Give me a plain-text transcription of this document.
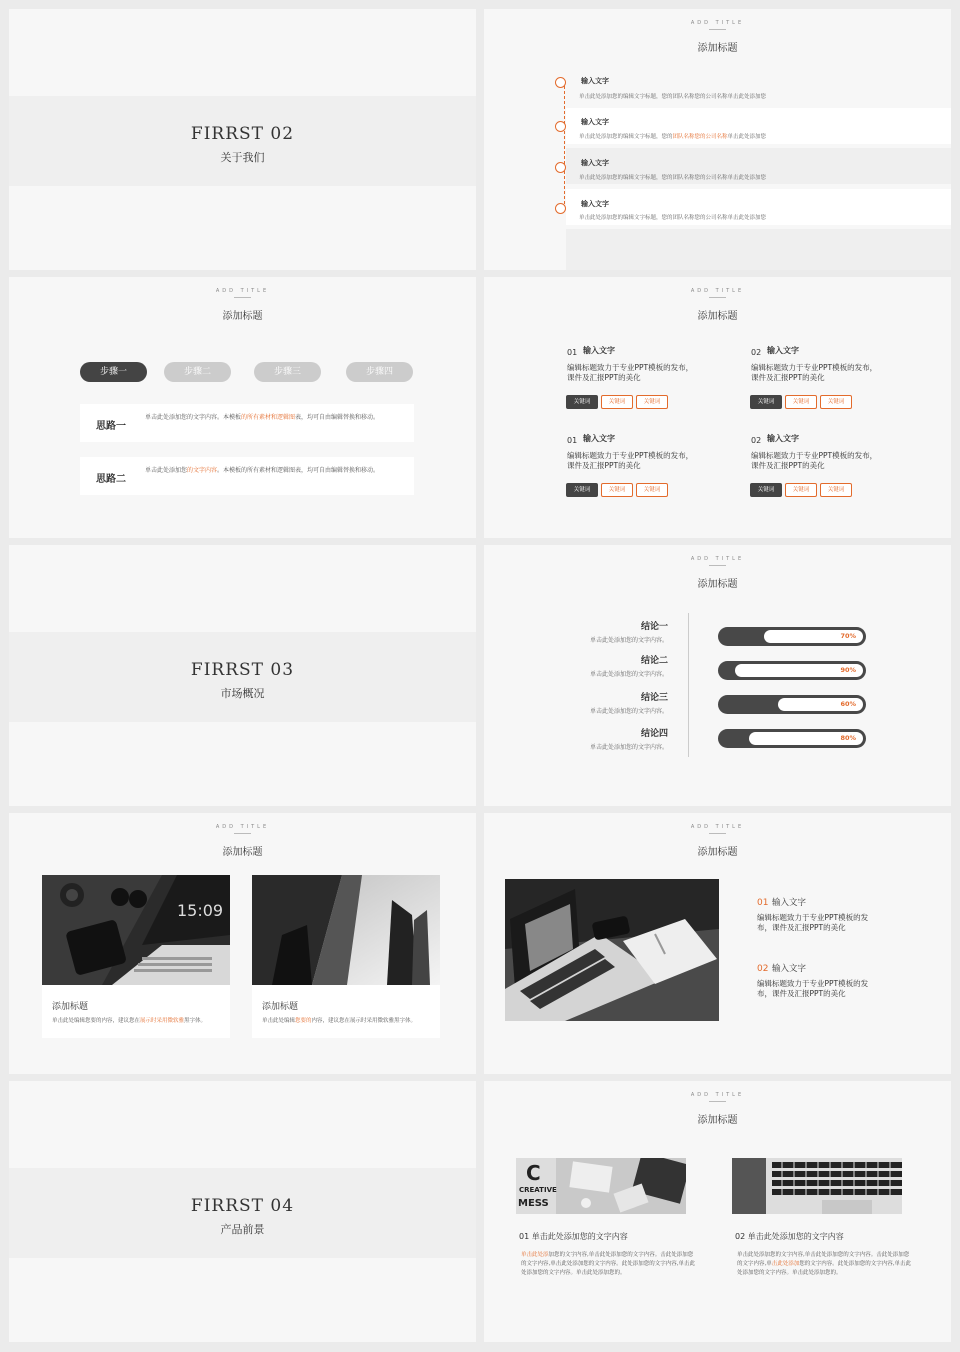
FIRRST 02
关于我们
ADD TITLE
添加标题
输入文字
单击此处添加您的编辑文字标题，您的团队名称您的公司名称单击此处添加您
输入文字
单击此处添加您的编辑文字标题，您的团队名称您的公司名称单击此处添加您
输入文字
单击此处添加您的编辑文字标题，您的团队名称您的公司名称单击此处添加您
输入文字
单击此处添加您的编辑文字标题，您的团队名称您的公司名称单击此处添加您
ADD TITLE
添加标题
步骤一	步骤二	步骤三	步骤四
思路一
单击此处添加您的文字内容。本模板的所有素材和逻辑图表，均可自由编辑替换和移动。
思路二
单击此处添加您的文字内容。本模板的所有素材和逻辑图表，均可自由编辑替换和移动。
ADD TITLE
添加标题
01 输入文字
编辑标题致力于专业PPT模板的发布，课件及汇报PPT的美化
关键词	关键词	关键词
02 输入文字
编辑标题致力于专业PPT模板的发布，课件及汇报PPT的美化
关键词	关键词	关键词
01 输入文字
编辑标题致力于专业PPT模板的发布，课件及汇报PPT的美化
关键词	关键词	关键词
02 输入文字
编辑标题致力于专业PPT模板的发布，课件及汇报PPT的美化
关键词	关键词	关键词
FIRRST 03
市场概况
ADD TITLE
添加标题
结论一
单击此处添加您的文字内容。
结论二
单击此处添加您的文字内容。
结论三
单击此处添加您的文字内容。
结论四
单击此处添加您的文字内容。
70%
90%
60%
80%
ADD TITLE
添加标题
15:09
添加标题
单击此处编辑您要的内容，建议您在展示时采用微软雅黑字体。
添加标题
单击此处编辑您要的内容，建议您在展示时采用微软雅黑字体。
ADD TITLE
添加标题
01 输入文字
编辑标题致力于专业PPT模板的发布，课件及汇报PPT的美化
02 输入文字
编辑标题致力于专业PPT模板的发布，课件及汇报PPT的美化
FIRRST 04
产品前景
ADD TITLE
添加标题
C
CREATIVE
MESS
01 单击此处添加您的文字内容
单击此处添加您的文字内容,单击此处添加您的文字内容。击此处添加您的文字内容,单击此处添加您的文字内容。此处添加您的文字内容,单击此处添加您的文字内容。单击此处添加您的。
02 单击此处添加您的文字内容
单击此处添加您的文字内容,单击此处添加您的文字内容。击此处添加您的文字内容,单击此处添加您的文字内容。此处添加您的文字内容,单击此处添加您的文字内容。单击此处添加您的。
